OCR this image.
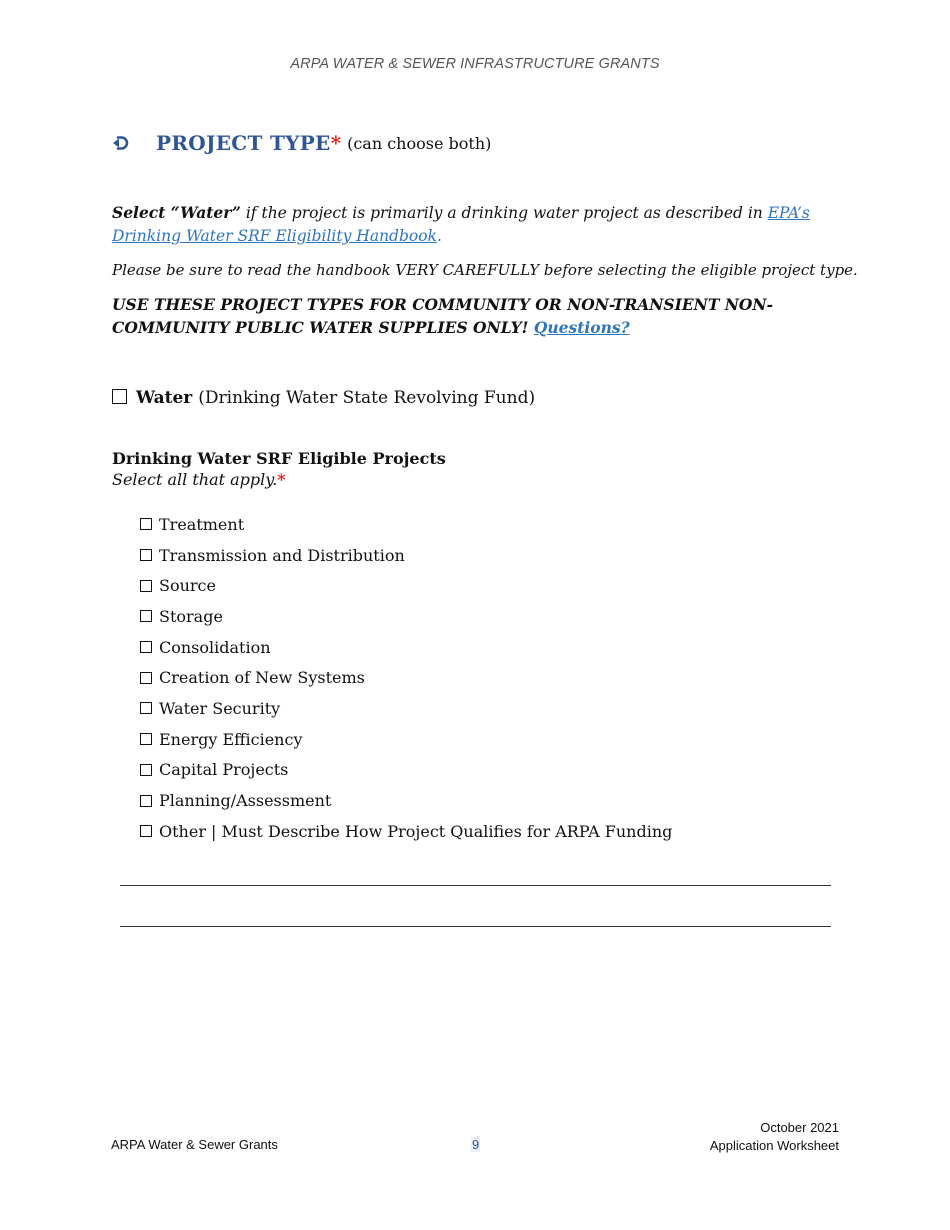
ARPA WATER & SEWER INFRASTRUCTURE GRANTS
PROJECT TYPE * (can choose both)
Select “Water” if the project is primarily a drinking water project as described in EPA’s Drinking Water SRF Eligibility Handbook.
Please be sure to read the handbook VERY CAREFULLY before selecting the eligible project type.
USE THESE PROJECT TYPES FOR COMMUNITY OR NON-TRANSIENT NON-COMMUNITY PUBLIC WATER SUPPLIES ONLY! Questions?
Water (Drinking Water State Revolving Fund)
Drinking Water SRF Eligible Projects
Select all that apply.*
Treatment
Transmission and Distribution
Source
Storage
Consolidation
Creation of New Systems
Water Security
Energy Efficiency
Capital Projects
Planning/Assessment
Other | Must Describe How Project Qualifies for ARPA Funding
ARPA Water & Sewer Grants	9
October 2021
Application Worksheet
